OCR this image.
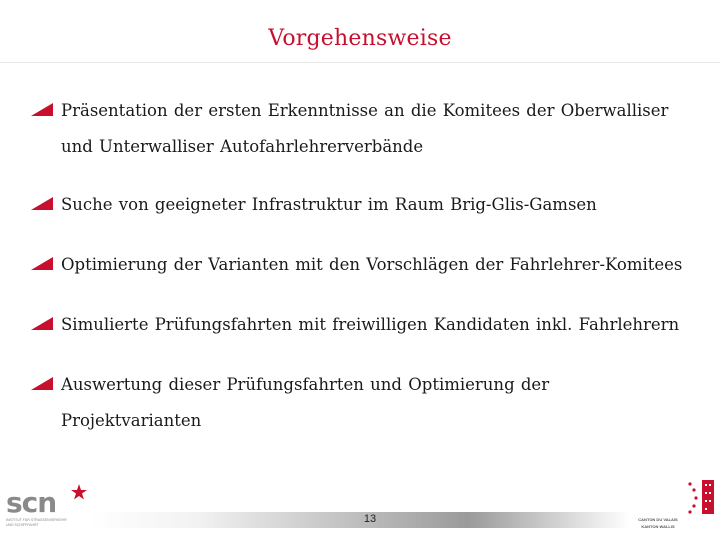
Vorgehensweise
Präsentation der ersten Erkenntnisse an die Komitees der Oberwalliser und Unterwalliser Autofahrlehrerverbände
Suche von geeigneter Infrastruktur im Raum Brig-Glis-Gamsen
Optimierung der Varianten mit den Vorschlägen der Fahrlehrer-Komitees
Simulierte Prüfungsfahrten mit freiwilligen Kandidaten inkl. Fahrlehrern
Auswertung dieser Prüfungsfahrten und Optimierung der Projektvarianten
13
scn
INSTITUT FÜR STRASSENVERKEHR
UND SCHIFFFAHRT
CANTON DU VALAIS
KANTON WALLIS
